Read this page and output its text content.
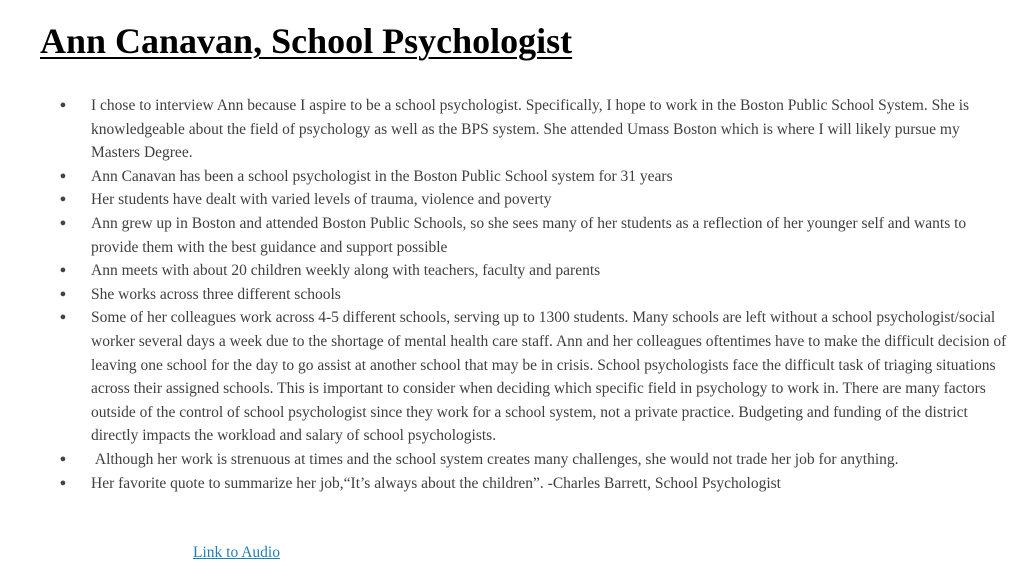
Ann Canavan, School Psychologist
●	I chose to interview Ann because I aspire to be a school psychologist. Specifically, I hope to work in the Boston Public School System. She is knowledgeable about the field of psychology as well as the BPS system. She attended Umass Boston which is where I will likely pursue my Masters Degree.
●	Ann Canavan has been a school psychologist in the Boston Public School system for 31 years
●	Her students have dealt with varied levels of trauma, violence and poverty
●	Ann grew up in Boston and attended Boston Public Schools, so she sees many of her students as a reflection of her younger self and wants to provide them with the best guidance and support possible
●	Ann meets with about 20 children weekly along with teachers, faculty and parents
●	She works across three different schools
●	Some of her colleagues work across 4-5 different schools, serving up to 1300 students. Many schools are left without a school psychologist/social worker several days a week due to the shortage of mental health care staff. Ann and her colleagues oftentimes have to make the difficult decision of leaving one school for the day to go assist at another school that may be in crisis. School psychologists face the difficult task of triaging situations across their assigned schools. This is important to consider when deciding which specific field in psychology to work in. There are many factors outside of the control of school psychologist since they work for a school system, not a private practice. Budgeting and funding of the district directly impacts the workload and salary of school psychologists.
●	Although her work is strenuous at times and the school system creates many challenges, she would not trade her job for anything.
●	Her favorite quote to summarize her job,“It’s always about the children”. -Charles Barrett, School Psychologist
Link to Audio
